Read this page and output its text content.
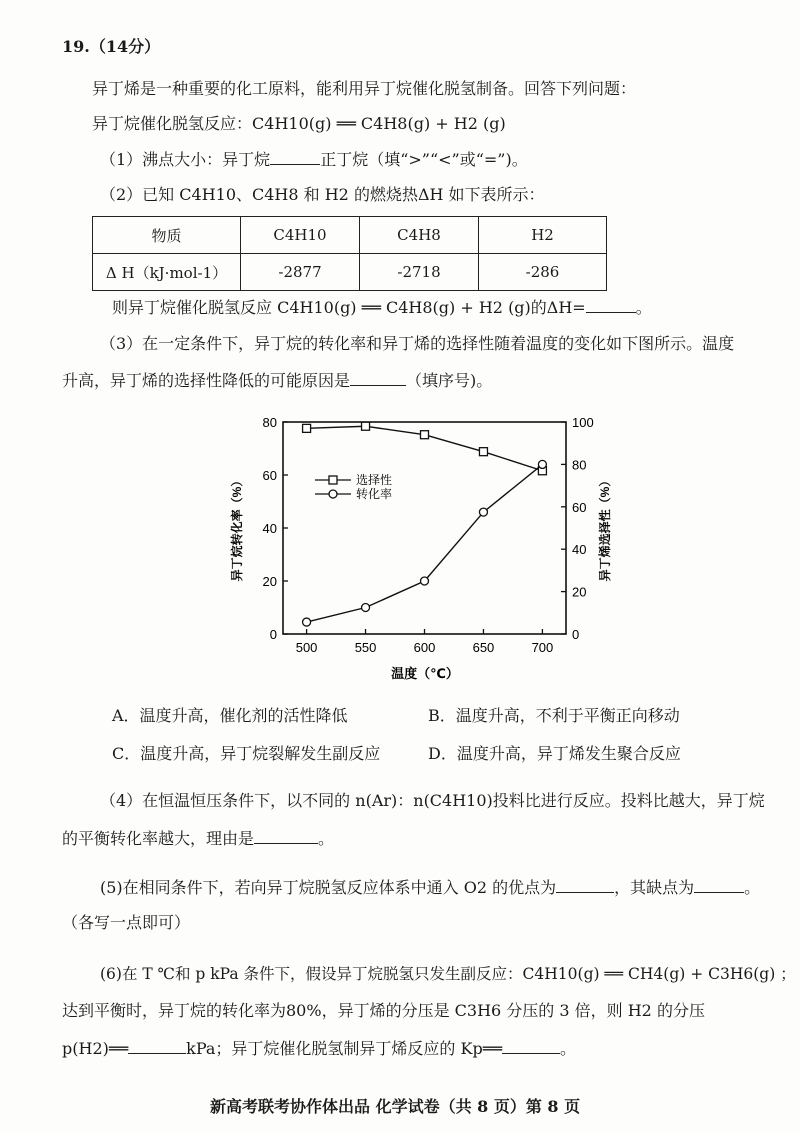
19.（14分）
异丁烯是一种重要的化工原料，能利用异丁烷催化脱氢制备。回答下列问题：
异丁烷催化脱氢反应：C4H10(g) ══ C4H8(g) + H2 (g)
（1）沸点大小：异丁烷	正丁烷（填“>”“<”或“=”)。
（2）已知 C4H10、C4H8 和 H2 的燃烧热ΔH 如下表所示：
物质	C4H10	C4H8	H2
Δ H（kJ·mol-1）	-2877	-2718	-286
则异丁烷催化脱氢反应 C4H10(g) ══ C4H8(g) + H2 (g)的ΔH=	。
（3）在一定条件下，异丁烷的转化率和异丁烯的选择性随着温度的变化如下图所示。温度
升高，异丁烯的选择性降低的可能原因是	（填序号)。
500	550	600	650	700
0
20
40
60
80
0
20
40
60
80
100
选择性
转化率
异丁烷转化率（%）	异丁烯选择性（%）
温度（℃）
A．温度升高，催化剂的活性降低	B．温度升高，不利于平衡正向移动
C．温度升高，异丁烷裂解发生副反应	D．温度升高，异丁烯发生聚合反应
（4）在恒温恒压条件下，以不同的 n(Ar)：n(C4H10)投料比进行反应。投料比越大，异丁烷
的平衡转化率越大，理由是	。
(5)在相同条件下，若向异丁烷脱氢反应体系中通入 O2 的优点为	，其缺点为	。
（各写一点即可）
(6)在 T ℃和 p kPa 条件下，假设异丁烷脱氢只发生副反应：C4H10(g) ══ CH4(g) + C3H6(g) ；
达到平衡时，异丁烷的转化率为80%，异丁烯的分压是 C3H6 分压的 3 倍，则 H2 的分压
p(H2)══	kPa；异丁烷催化脱氢制异丁烯反应的 Kp══	。
新高考联考协作体出品 化学试卷（共 8 页）第 8 页
